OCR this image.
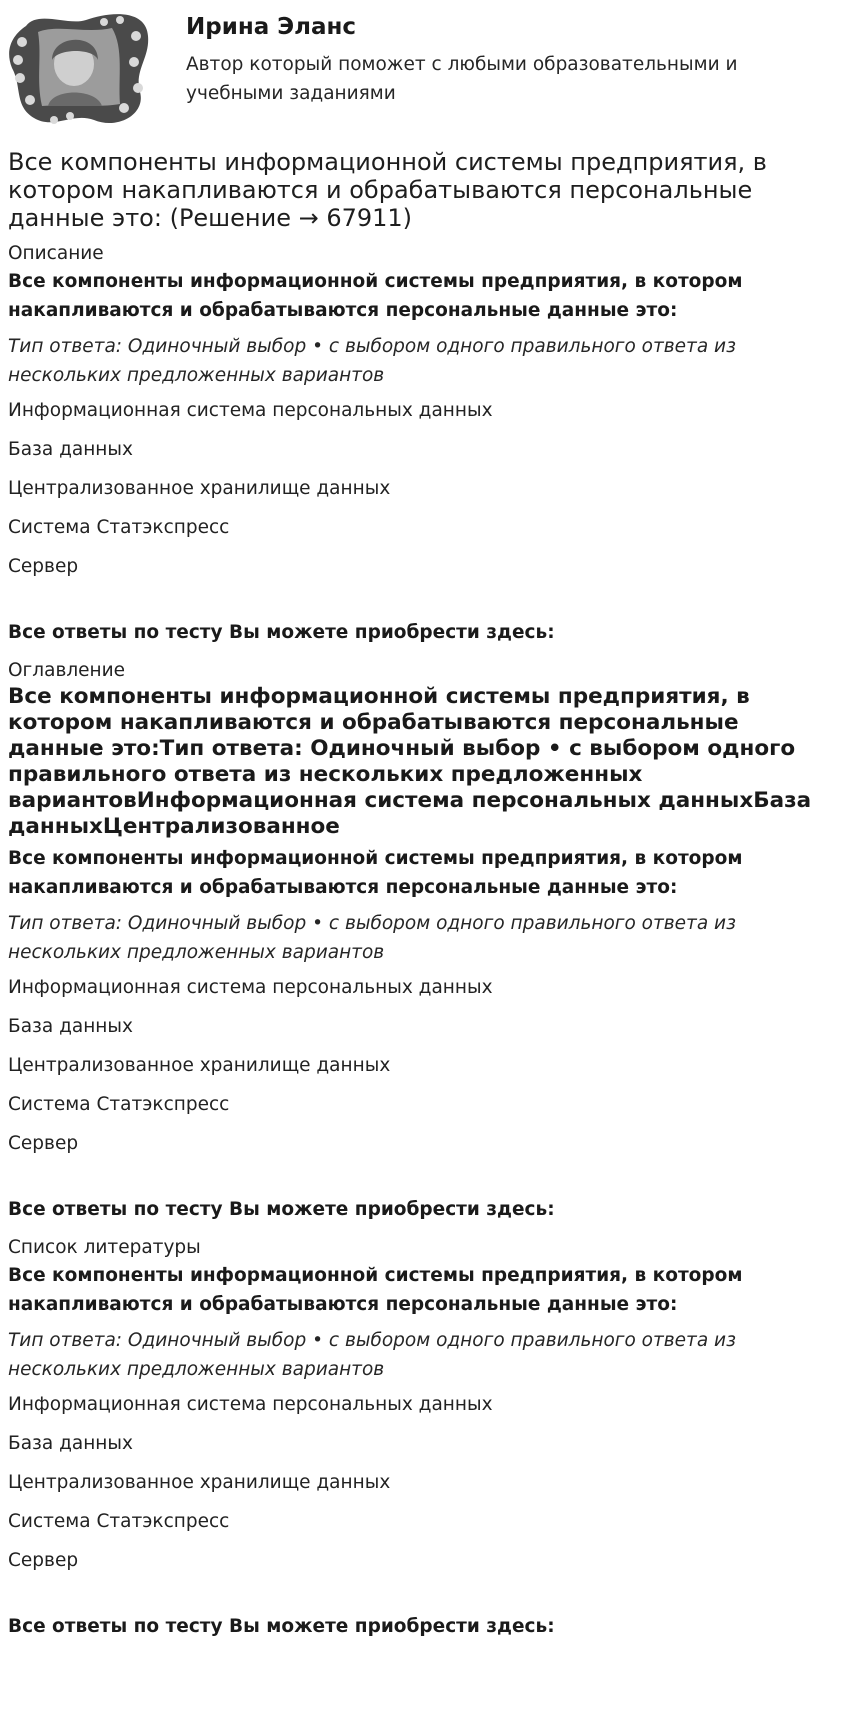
Ирина Эланс
Автор который поможет с любыми образовательными и учебными заданиями
Все компоненты информационной системы предприятия, в котором накапливаются и обрабатываются персональные данные это: (Решение → 67911)
Описание
Все компоненты информационной системы предприятия, в котором накапливаются и обрабатываются персональные данные это:
Тип ответа: Одиночный выбор • с выбором одного правильного ответа из нескольких предложенных вариантов
Информационная система персональных данных
База данных
Централизованное хранилище данных
Система Статэкспресс
Сервер
Все ответы по тесту Вы можете приобрести здесь:
Оглавление
Все компоненты информационной системы предприятия, в котором накапливаются и обрабатываются персональные данные это:Тип ответа: Одиночный выбор • с выбором одного правильного ответа из нескольких предложенных вариантовИнформационная система персональных данныхБаза данныхЦентрализованное
Все компоненты информационной системы предприятия, в котором накапливаются и обрабатываются персональные данные это:
Тип ответа: Одиночный выбор • с выбором одного правильного ответа из нескольких предложенных вариантов
Информационная система персональных данных
База данных
Централизованное хранилище данных
Система Статэкспресс
Сервер
Все ответы по тесту Вы можете приобрести здесь:
Список литературы
Все компоненты информационной системы предприятия, в котором накапливаются и обрабатываются персональные данные это:
Тип ответа: Одиночный выбор • с выбором одного правильного ответа из нескольких предложенных вариантов
Информационная система персональных данных
База данных
Централизованное хранилище данных
Система Статэкспресс
Сервер
Все ответы по тесту Вы можете приобрести здесь:
